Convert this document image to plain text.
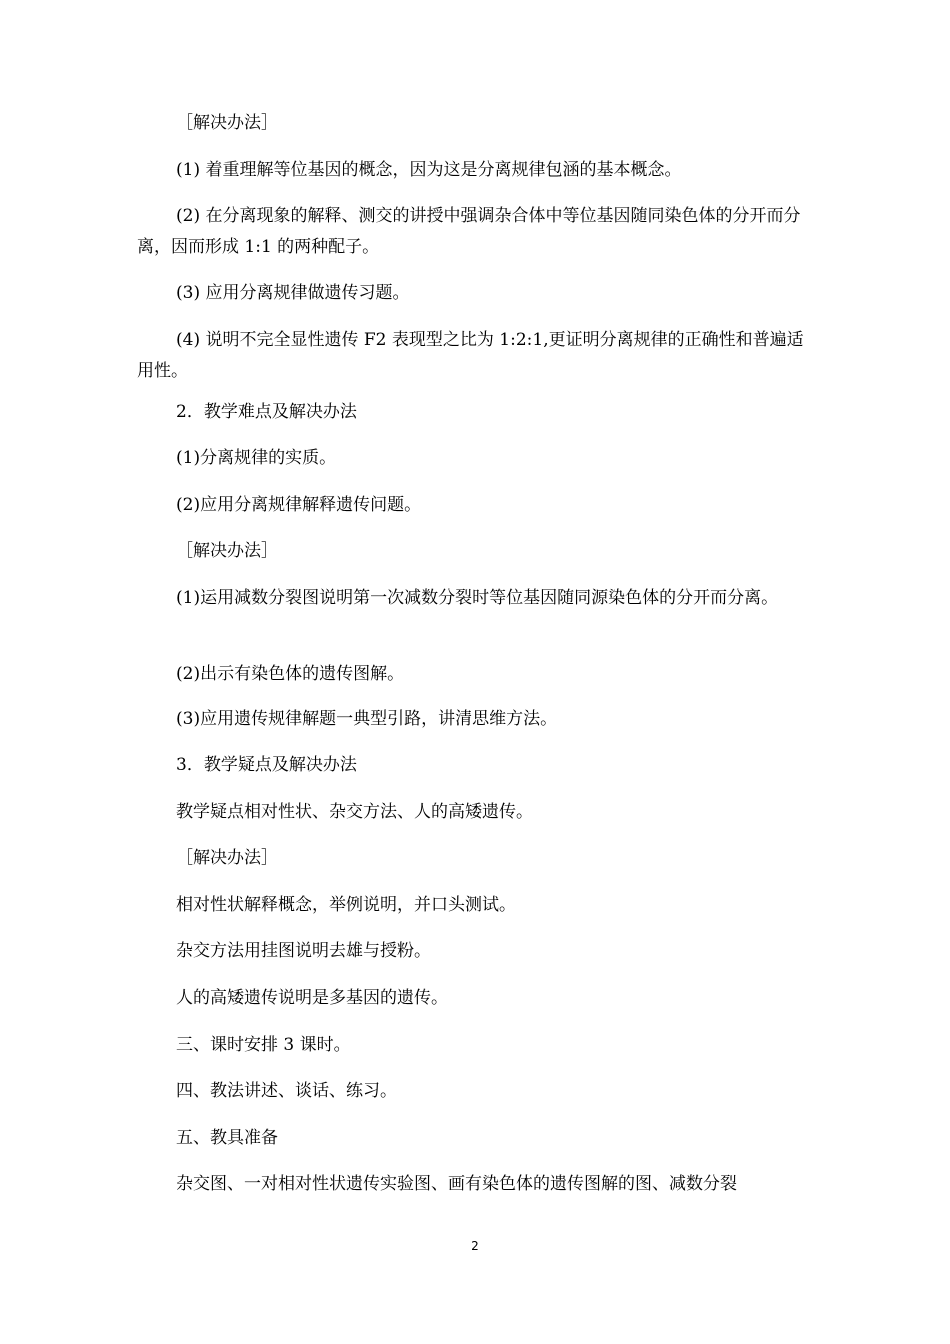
［解决办法］

(1) 着重理解等位基因的概念，因为这是分离规律包涵的基本概念。

(2) 在分离现象的解释、测交的讲授中强调杂合体中等位基因随同染色体的分开而分离，因而形成 1:1 的两种配子。

(3) 应用分离规律做遗传习题。

(4) 说明不完全显性遗传 F2 表现型之比为 1:2:1,更证明分离规律的正确性和普遍适用性。

2．教学难点及解决办法

(1)分离规律的实质。

(2)应用分离规律解释遗传问题。

［解决办法］

(1)运用减数分裂图说明第一次减数分裂时等位基因随同源染色体的分开而分离。

(2)出示有染色体的遗传图解。

(3)应用遗传规律解题一典型引路，讲清思维方法。

3．教学疑点及解决办法

教学疑点相对性状、杂交方法、人的高矮遗传。

［解决办法］

相对性状解释概念，举例说明，并口头测试。

杂交方法用挂图说明去雄与授粉。

人的高矮遗传说明是多基因的遗传。

三、课时安排 3 课时。

四、教法讲述、谈话、练习。

五、教具准备

杂交图、一对相对性状遗传实验图、画有染色体的遗传图解的图、减数分裂

2
